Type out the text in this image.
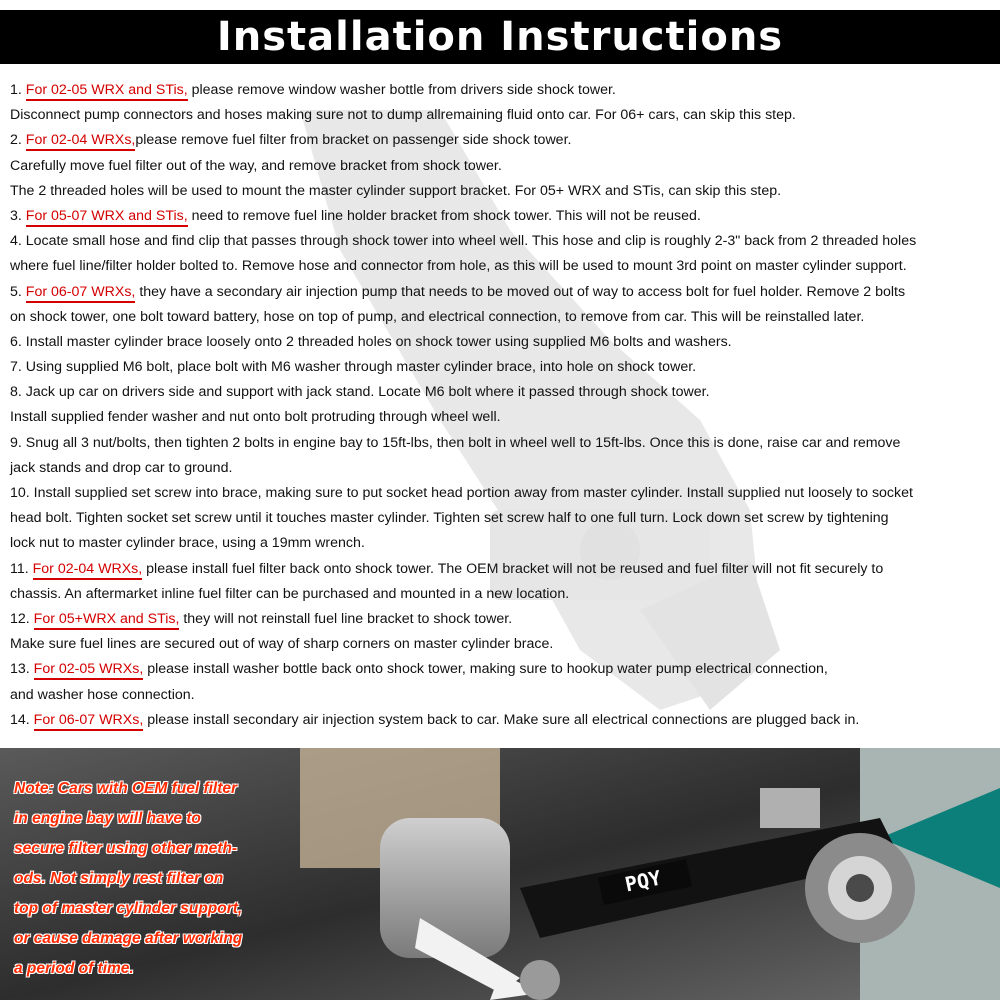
Installation Instructions
1. For 02-05 WRX and STis, please remove window washer bottle from drivers side shock tower.
Disconnect pump connectors and hoses making sure not to dump allremaining fluid onto car. For 06+ cars, can skip this step.
2. For 02-04 WRXs,please remove fuel filter from bracket on passenger side shock tower.
Carefully move fuel filter out of the way, and remove bracket from shock tower.
The 2 threaded holes will be used to mount the master cylinder support bracket. For 05+ WRX and STis, can skip this step.
3. For 05-07 WRX and STis, need to remove fuel line holder bracket from shock tower. This will not be reused.
4. Locate small hose and find clip that passes through shock tower into wheel well. This hose and clip is roughly 2-3" back from 2 threaded holes
where fuel line/filter holder bolted to. Remove hose and connector from hole, as this will be used to mount 3rd point on master cylinder support.
5. For 06-07 WRXs, they have a secondary air injection pump that needs to be moved out of way to access bolt for fuel holder. Remove 2 bolts
on shock tower, one bolt toward battery, hose on top of pump, and electrical connection, to remove from car. This will be reinstalled later.
6. Install master cylinder brace loosely onto 2 threaded holes on shock tower using supplied M6 bolts and washers.
7. Using supplied M6 bolt, place bolt with M6 washer through master cylinder brace, into hole on shock tower.
8. Jack up car on drivers side and support with jack stand. Locate M6 bolt where it passed through shock tower.
Install supplied fender washer and nut onto bolt protruding through wheel well.
9. Snug all 3 nut/bolts, then tighten 2 bolts in engine bay to 15ft-lbs, then bolt in wheel well to 15ft-lbs. Once this is done, raise car and remove
jack stands and drop car to ground.
10. Install supplied set screw into brace, making sure to put socket head portion away from master cylinder. Install supplied nut loosely to socket
head bolt. Tighten socket set screw until it touches master cylinder. Tighten set screw half to one full turn. Lock down set screw by tightening
lock nut to master cylinder brace, using a 19mm wrench.
11. For 02-04 WRXs, please install fuel filter back onto shock tower. The OEM bracket will not be reused and fuel filter will not fit securely to
chassis. An aftermarket inline fuel filter can be purchased and mounted in a new location.
12. For 05+WRX and STis, they will not reinstall fuel line bracket to shock tower.
Make sure fuel lines are secured out of way of sharp corners on master cylinder brace.
13. For 02-05 WRXs, please install washer bottle back onto shock tower, making sure to hookup water pump electrical connection,
and washer hose connection.
14. For 06-07 WRXs, please install secondary air injection system back to car. Make sure all electrical connections are plugged back in.
PQY
Note: Cars with OEM fuel filter
in engine bay will have to
secure filter using other meth-
ods. Not simply rest filter on
top of master cylinder support,
or cause damage after working
a period of time.
